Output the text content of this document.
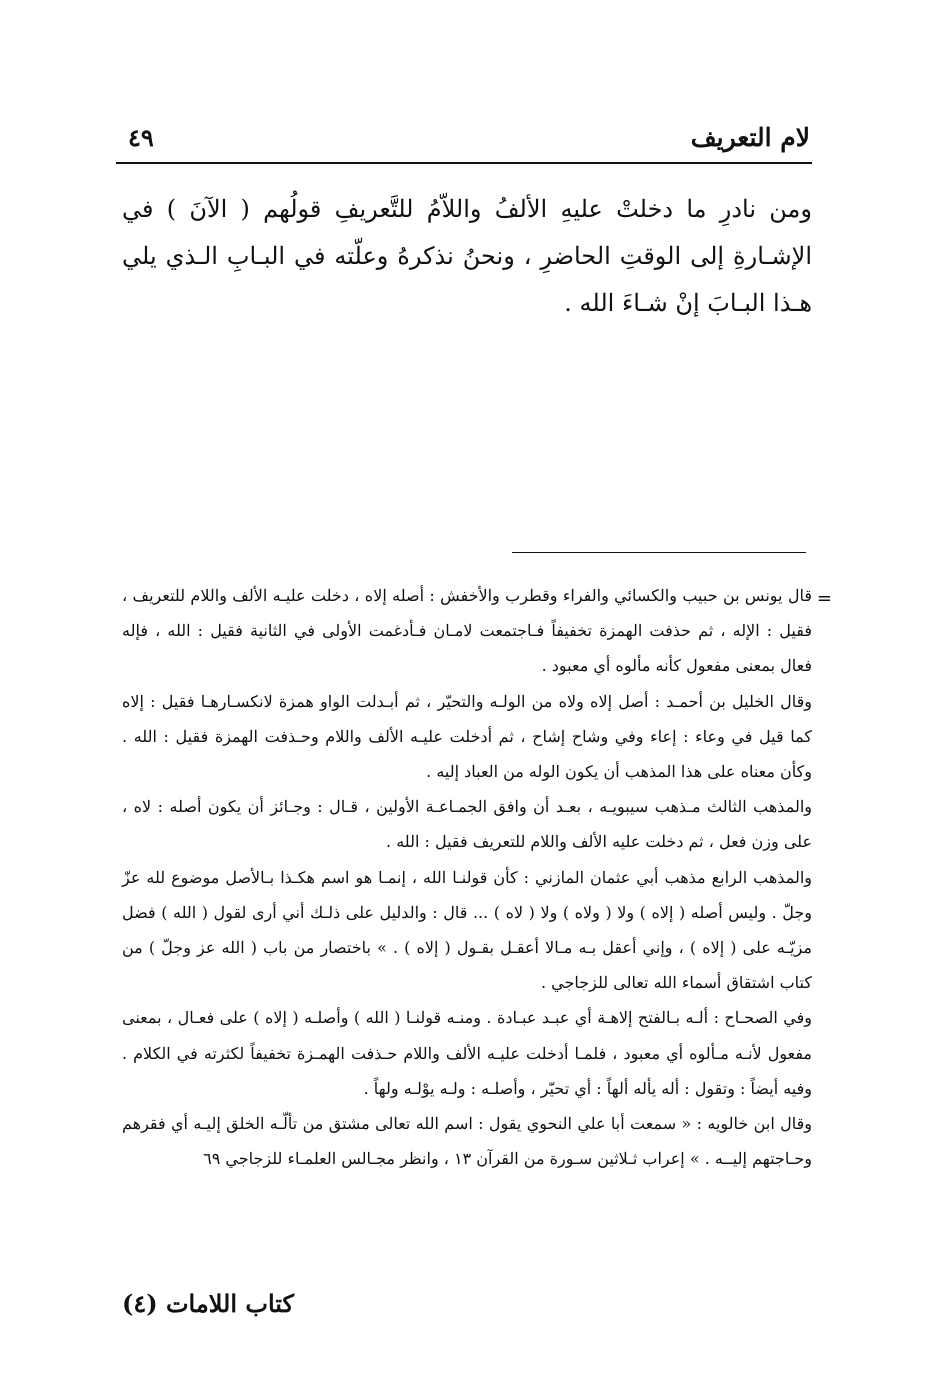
لام التعريف
٤٩

ومن نادرِ ما دخلتْ عليهِ الألفُ واللاّمُ للتَّعريفِ قولُهم ( الآنَ ) في الإشـارةِ إلى الوقتِ الحاضرِ ، ونحنُ نذكرهُ وعلّته في البـابِ الـذي يلي هـذا البـابَ إنْ شـاءَ الله .

=

قال يونس بن حبيب والكسائي والفراء وقطرب والأخفش : أصله إلاه ، دخلت عليـه الألف واللام للتعريف ، فقيل : الإله ، ثم حذفت الهمزة تخفيفاً فـاجتمعت لامـان فـأدغمت الأولى في الثانية فقيل : الله ، فإله فعال بمعنى مفعول كأنه مألوه أي معبود .

وقال الخليل بن أحمـد : أصل إلاه ولاه من الولـه والتحيّر ، ثم أبـدلت الواو همزة لانكسـارهـا فقيل : إلاه كما قيل في وعاء : إعاء وفي وشاح إشاح ، ثم أدخلت عليـه الألف واللام وحـذفت الهمزة فقيل : الله . وكأن معناه على هذا المذهب أن يكون الوله من العباد إليه .

والمذهب الثالث مـذهب سيبويـه ، بعـد أن وافق الجمـاعـة الأولين ، قـال : وجـائز أن يكون أصله : لاه ، على وزن فعل ، ثم دخلت عليه الألف واللام للتعريف فقيل : الله .

والمذهب الرابع مذهب أبي عثمان المازني : كأن قولنـا الله ، إنمـا هو اسم هكـذا بـالأصل موضوع لله عزّ وجلّ . وليس أصله ( إلاه ) ولا ( ولاه ) ولا ( لاه ) ... قال : والدليل على ذلـك أني أرى لقول ( الله ) فضل مزيّـه على ( إلاه ) ، وإني أعقل بـه مـالا أعقـل بقـول ( إلاه ) . » باختصار من باب ( الله عز وجلّ ) من كتاب اشتقاق أسماء الله تعالى للزجاجي .

وفي الصحـاح : ألـه بـالفتح إلاهـة أي عبـد عبـادة . ومنـه قولنـا ( الله ) وأصلـه ( إلاه ) على فعـال ، بمعنى مفعول لأنـه مـألوه أي معبود ، فلمـا أدخلت عليـه الألف واللام حـذفت الهمـزة تخفيفاً لكثرته في الكلام . وفيه أيضاً : وتقول : أله يأله ألهاً : أي تحيّر ، وأصلـه : ولـه يوْلـه ولهاً .

وقال ابن خالويه : « سمعت أبا علي النحوي يقول : اسم الله تعالى مشتق من تألّـه الخلق إليـه أي فقرهم وحـاجتهم إليــه . » إعراب ثـلاثين سـورة من القرآن ١٣ ، وانظر مجـالس العلمـاء للزجاجي ٦٩

كتاب اللامات (٤)
